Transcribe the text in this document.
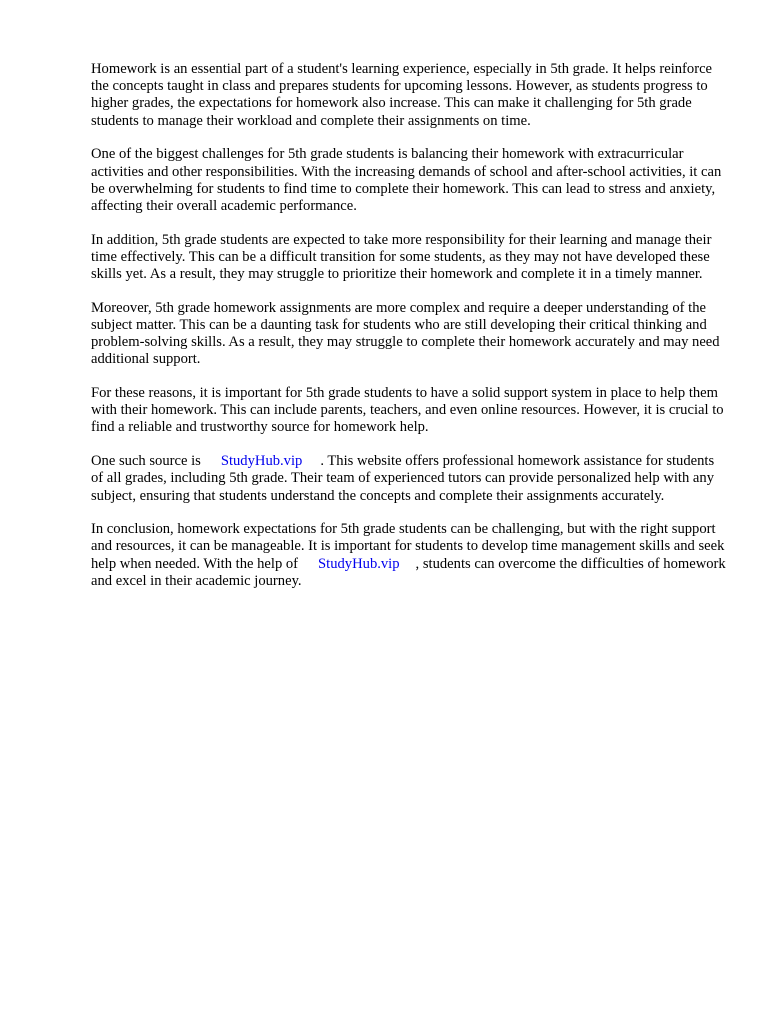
Homework is an essential part of a student's learning experience, especially in 5th grade. It helps reinforce the concepts taught in class and prepares students for upcoming lessons. However, as students progress to higher grades, the expectations for homework also increase. This can make it challenging for 5th grade students to manage their workload and complete their assignments on time.

One of the biggest challenges for 5th grade students is balancing their homework with extracurricular activities and other responsibilities. With the increasing demands of school and after-school activities, it can be overwhelming for students to find time to complete their homework. This can lead to stress and anxiety, affecting their overall academic performance.

In addition, 5th grade students are expected to take more responsibility for their learning and manage their time effectively. This can be a difficult transition for some students, as they may not have developed these skills yet. As a result, they may struggle to prioritize their homework and complete it in a timely manner.

Moreover, 5th grade homework assignments are more complex and require a deeper understanding of the subject matter. This can be a daunting task for students who are still developing their critical thinking and problem-solving skills. As a result, they may struggle to complete their homework accurately and may need additional support.

For these reasons, it is important for 5th grade students to have a solid support system in place to help them with their homework. This can include parents, teachers, and even online resources. However, it is crucial to find a reliable and trustworthy source for homework help.

One such source is StudyHub.vip . This website offers professional homework assistance for students of all grades, including 5th grade. Their team of experienced tutors can provide personalized help with any subject, ensuring that students understand the concepts and complete their assignments accurately.

In conclusion, homework expectations for 5th grade students can be challenging, but with the right support and resources, it can be manageable. It is important for students to develop time management skills and seek help when needed. With the help of StudyHub.vip , students can overcome the difficulties of homework and excel in their academic journey.
